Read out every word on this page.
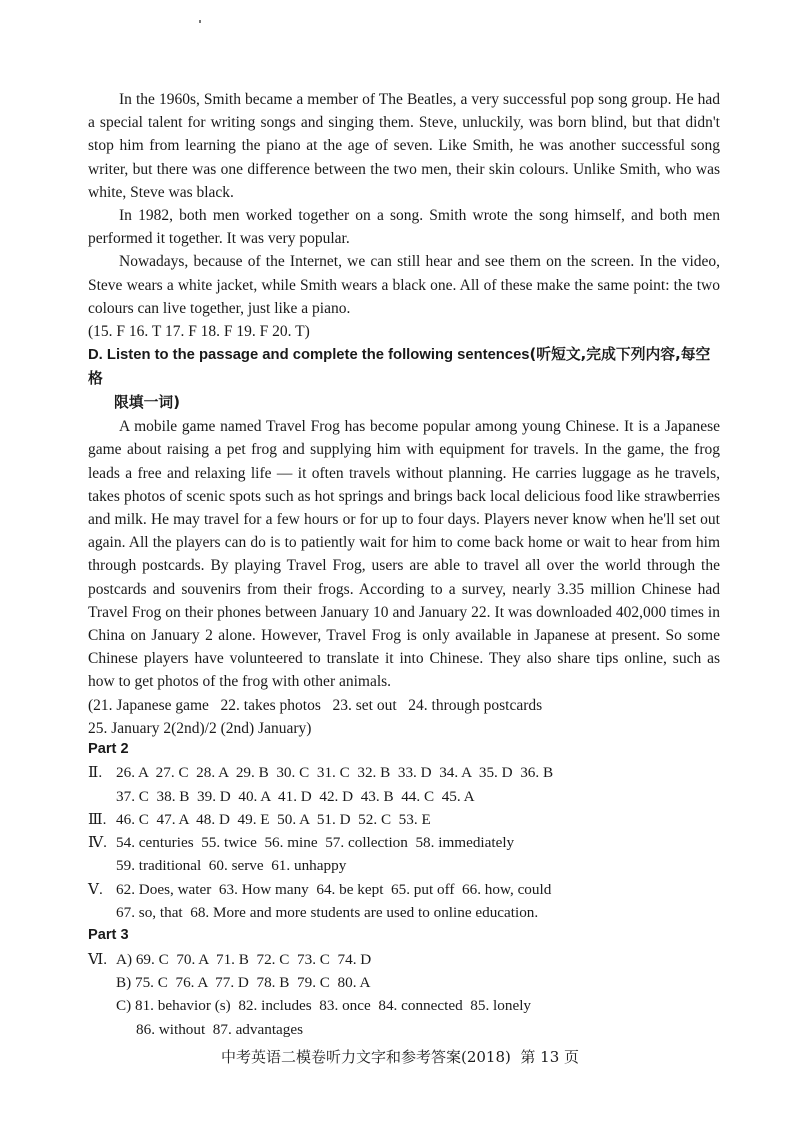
In the 1960s, Smith became a member of The Beatles, a very successful pop song group. He had a special talent for writing songs and singing them. Steve, unluckily, was born blind, but that didn't stop him from learning the piano at the age of seven. Like Smith, he was another successful song writer, but there was one difference between the two men, their skin colours. Unlike Smith, who was white, Steve was black.

In 1982, both men worked together on a song. Smith wrote the song himself, and both men performed it together. It was very popular.

Nowadays, because of the Internet, we can still hear and see them on the screen. In the video, Steve wears a white jacket, while Smith wears a black one. All of these make the same point: the two colours can live together, just like a piano.

(15. F 16. T 17. F 18. F 19. F 20. T)

D. Listen to the passage and complete the following sentences(听短文,完成下列内容,每空格
限填一词)

A mobile game named Travel Frog has become popular among young Chinese. It is a Japanese game about raising a pet frog and supplying him with equipment for travels. In the game, the frog leads a free and relaxing life — it often travels without planning. He carries luggage as he travels, takes photos of scenic spots such as hot springs and brings back local delicious food like strawberries and milk. He may travel for a few hours or for up to four days. Players never know when he'll set out again. All the players can do is to patiently wait for him to come back home or wait to hear from him through postcards. By playing Travel Frog, users are able to travel all over the world through the postcards and souvenirs from their frogs. According to a survey, nearly 3.35 million Chinese had Travel Frog on their phones between January 10 and January 22. It was downloaded 402,000 times in China on January 2 alone. However, Travel Frog is only available in Japanese at present. So some Chinese players have volunteered to translate it into Chinese. They also share tips online, such as how to get photos of the frog with other animals.

(21. Japanese game   22. takes photos   23. set out   24. through postcards

25. January 2(2nd)/2 (2nd) January)

Part 2
Ⅱ. 26. A  27. C  28. A  29. B  30. C  31. C  32. B  33. D  34. A  35. D  36. B
37. C  38. B  39. D  40. A  41. D  42. D  43. B  44. C  45. A
Ⅲ. 46. C  47. A  48. D  49. E  50. A  51. D  52. C  53. E
Ⅳ. 54. centuries  55. twice  56. mine  57. collection  58. immediately
59. traditional  60. serve  61. unhappy
Ⅴ. 62. Does, water  63. How many  64. be kept  65. put off  66. how, could
67. so, that  68. More and more students are used to online education.
Part 3
Ⅵ. A) 69. C  70. A  71. B  72. C  73. C  74. D
B) 75. C  76. A  77. D  78. B  79. C  80. A
C) 81. behavior (s)  82. includes  83. once  84. connected  85. lonely
86. without  87. advantages
中考英语二模卷听力文字和参考答案(2018)  第 13 页
